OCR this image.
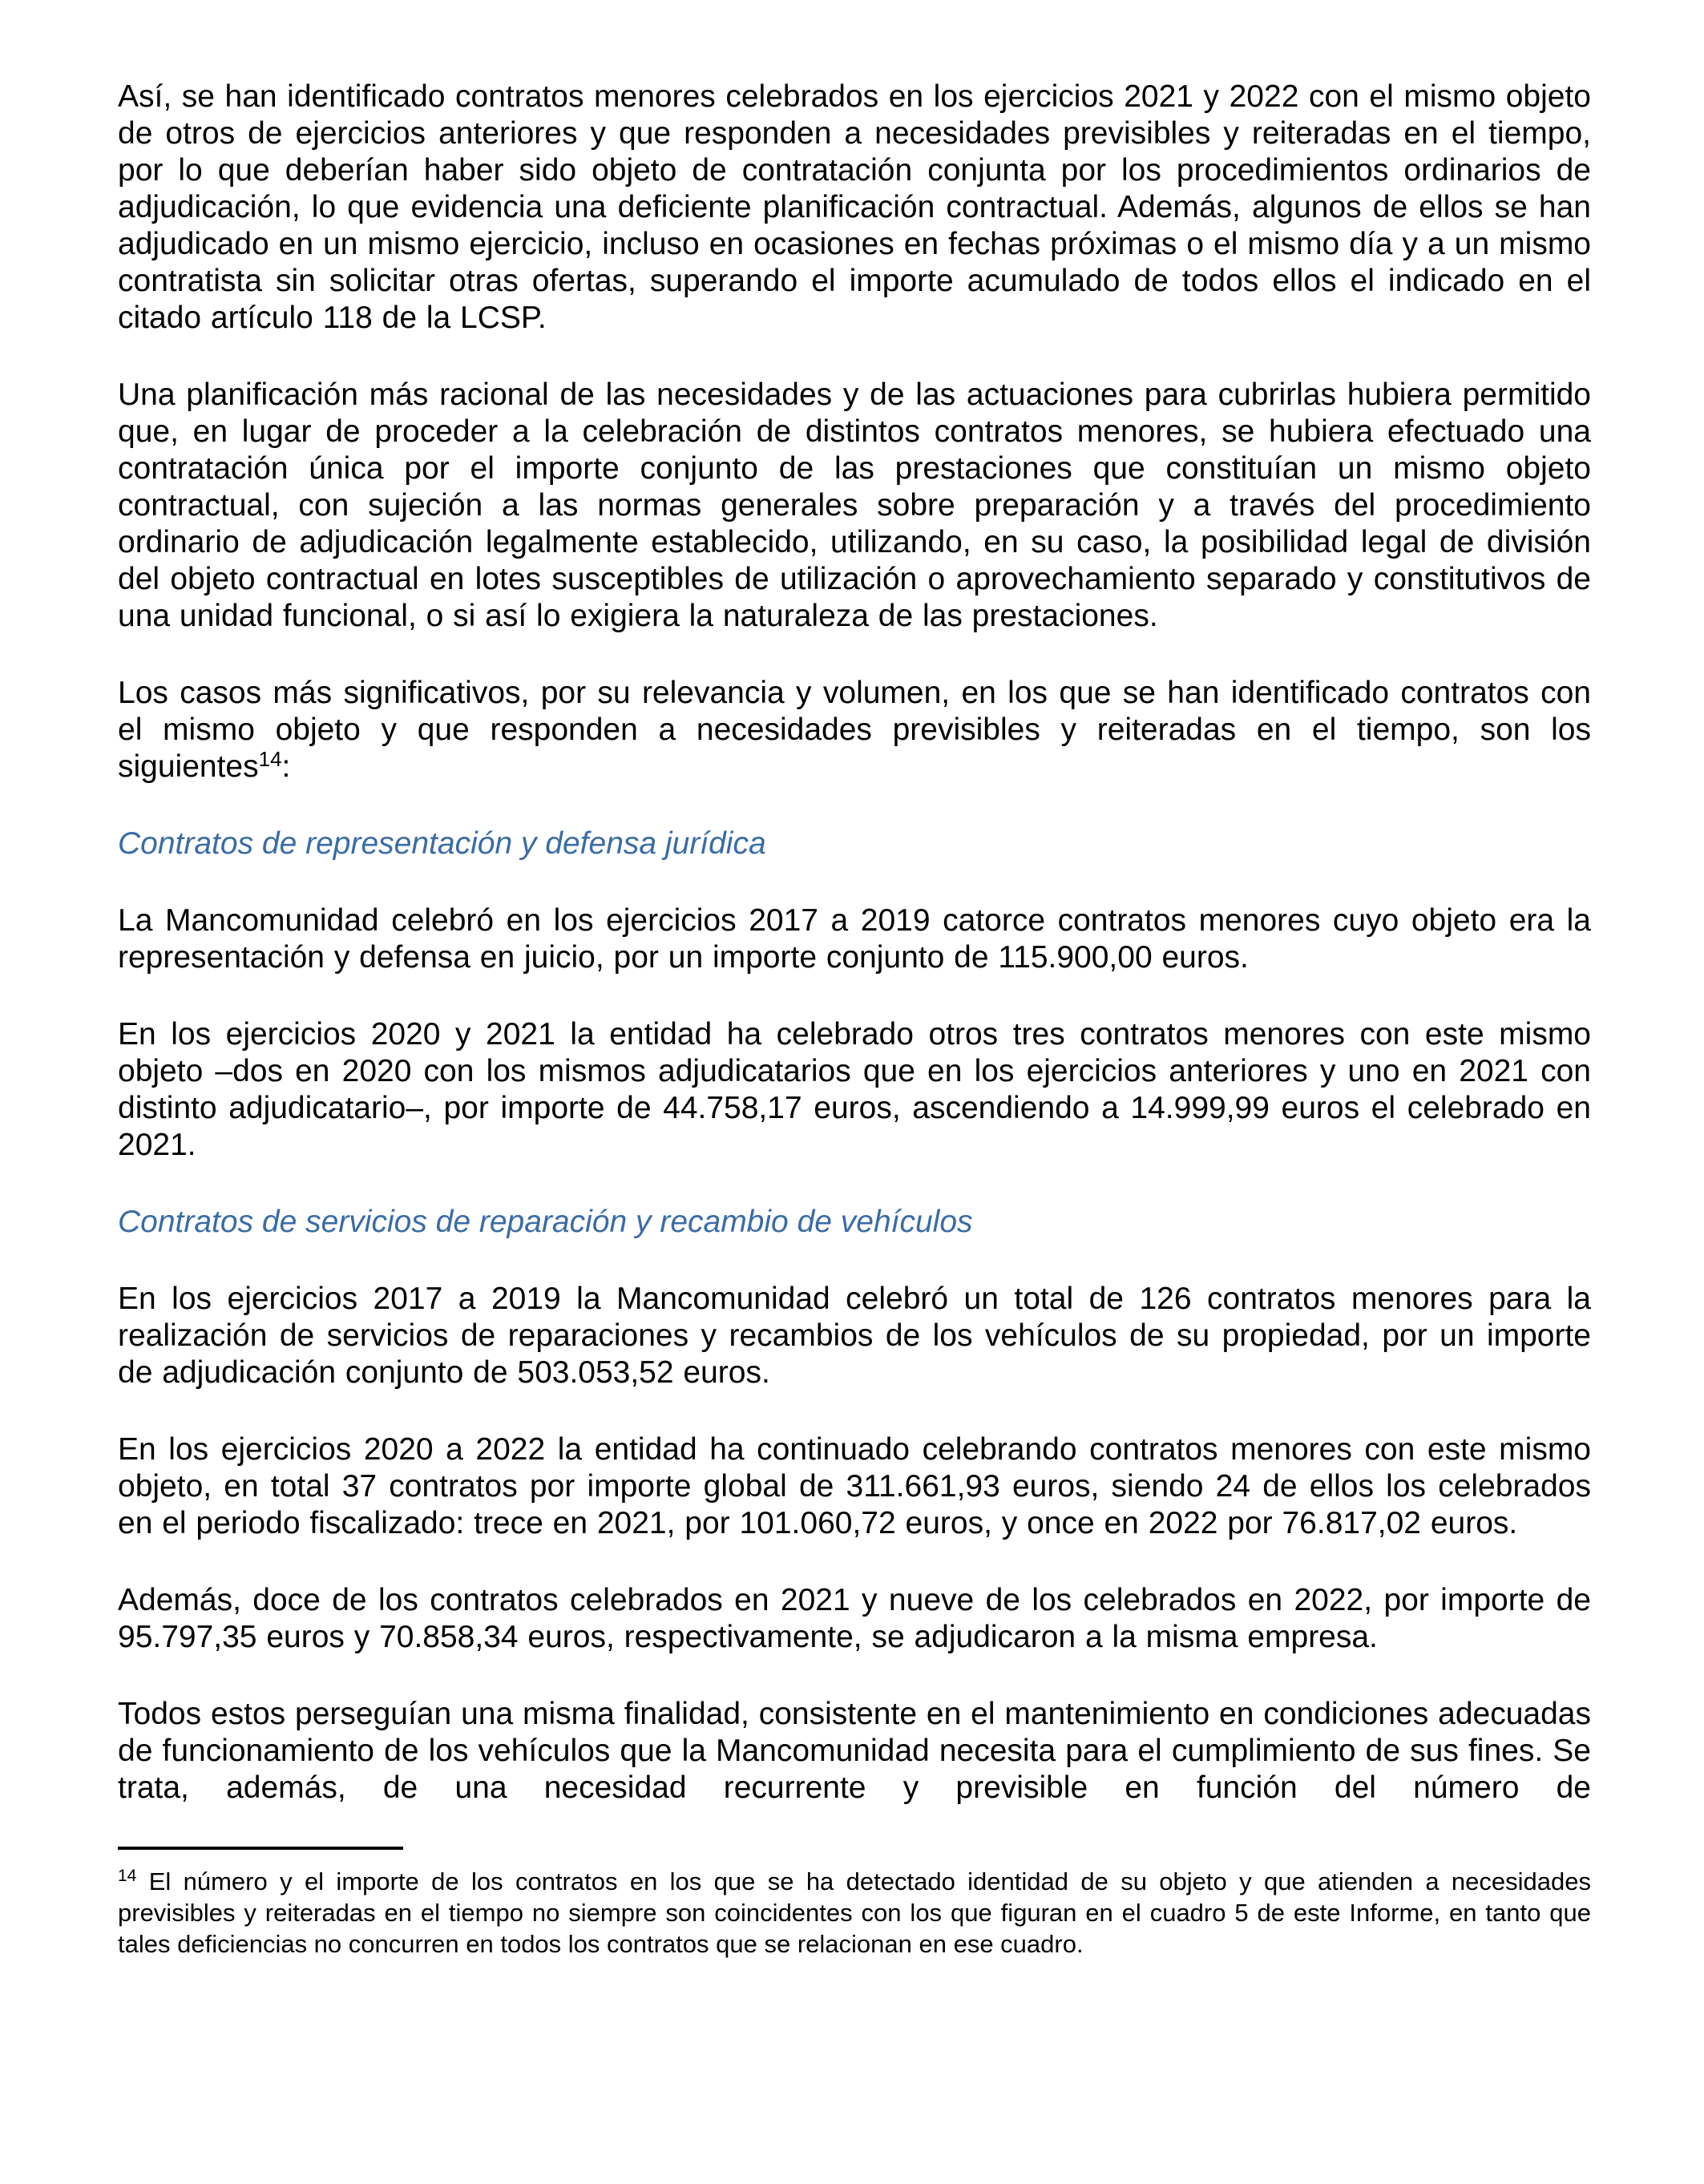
Así, se han identificado contratos menores celebrados en los ejercicios 2021 y 2022 con el mismo objeto de otros de ejercicios anteriores y que responden a necesidades previsibles y reiteradas en el tiempo, por lo que deberían haber sido objeto de contratación conjunta por los procedimientos ordinarios de adjudicación, lo que evidencia una deficiente planificación contractual. Además, algunos de ellos se han adjudicado en un mismo ejercicio, incluso en ocasiones en fechas próximas o el mismo día y a un mismo contratista sin solicitar otras ofertas, superando el importe acumulado de todos ellos el indicado en el citado artículo 118 de la LCSP.

Una planificación más racional de las necesidades y de las actuaciones para cubrirlas hubiera permitido que, en lugar de proceder a la celebración de distintos contratos menores, se hubiera efectuado una contratación única por el importe conjunto de las prestaciones que constituían un mismo objeto contractual, con sujeción a las normas generales sobre preparación y a través del procedimiento ordinario de adjudicación legalmente establecido, utilizando, en su caso, la posibilidad legal de división del objeto contractual en lotes susceptibles de utilización o aprovechamiento separado y constitutivos de una unidad funcional, o si así lo exigiera la naturaleza de las prestaciones.

Los casos más significativos, por su relevancia y volumen, en los que se han identificado contratos con el mismo objeto y que responden a necesidades previsibles y reiteradas en el tiempo, son los siguientes$^{14}$:

Contratos de representación y defensa jurídica

La Mancomunidad celebró en los ejercicios 2017 a 2019 catorce contratos menores cuyo objeto era la representación y defensa en juicio, por un importe conjunto de 115.900,00 euros.

En los ejercicios 2020 y 2021 la entidad ha celebrado otros tres contratos menores con este mismo objeto –dos en 2020 con los mismos adjudicatarios que en los ejercicios anteriores y uno en 2021 con distinto adjudicatario–, por importe de 44.758,17 euros, ascendiendo a 14.999,99 euros el celebrado en 2021.

Contratos de servicios de reparación y recambio de vehículos

En los ejercicios 2017 a 2019 la Mancomunidad celebró un total de 126 contratos menores para la realización de servicios de reparaciones y recambios de los vehículos de su propiedad, por un importe de adjudicación conjunto de 503.053,52 euros.

En los ejercicios 2020 a 2022 la entidad ha continuado celebrando contratos menores con este mismo objeto, en total 37 contratos por importe global de 311.661,93 euros, siendo 24 de ellos los celebrados en el periodo fiscalizado: trece en 2021, por 101.060,72 euros, y once en 2022 por 76.817,02 euros.

Además, doce de los contratos celebrados en 2021 y nueve de los celebrados en 2022, por importe de 95.797,35 euros y 70.858,34 euros, respectivamente, se adjudicaron a la misma empresa.

Todos estos perseguían una misma finalidad, consistente en el mantenimiento en condiciones adecuadas de funcionamiento de los vehículos que la Mancomunidad necesita para el cumplimiento de sus fines. Se trata, además, de una necesidad recurrente y previsible en función del número de

$^{14}$ El número y el importe de los contratos en los que se ha detectado identidad de su objeto y que atienden a necesidades previsibles y reiteradas en el tiempo no siempre son coincidentes con los que figuran en el cuadro 5 de este Informe, en tanto que tales deficiencias no concurren en todos los contratos que se relacionan en ese cuadro.
